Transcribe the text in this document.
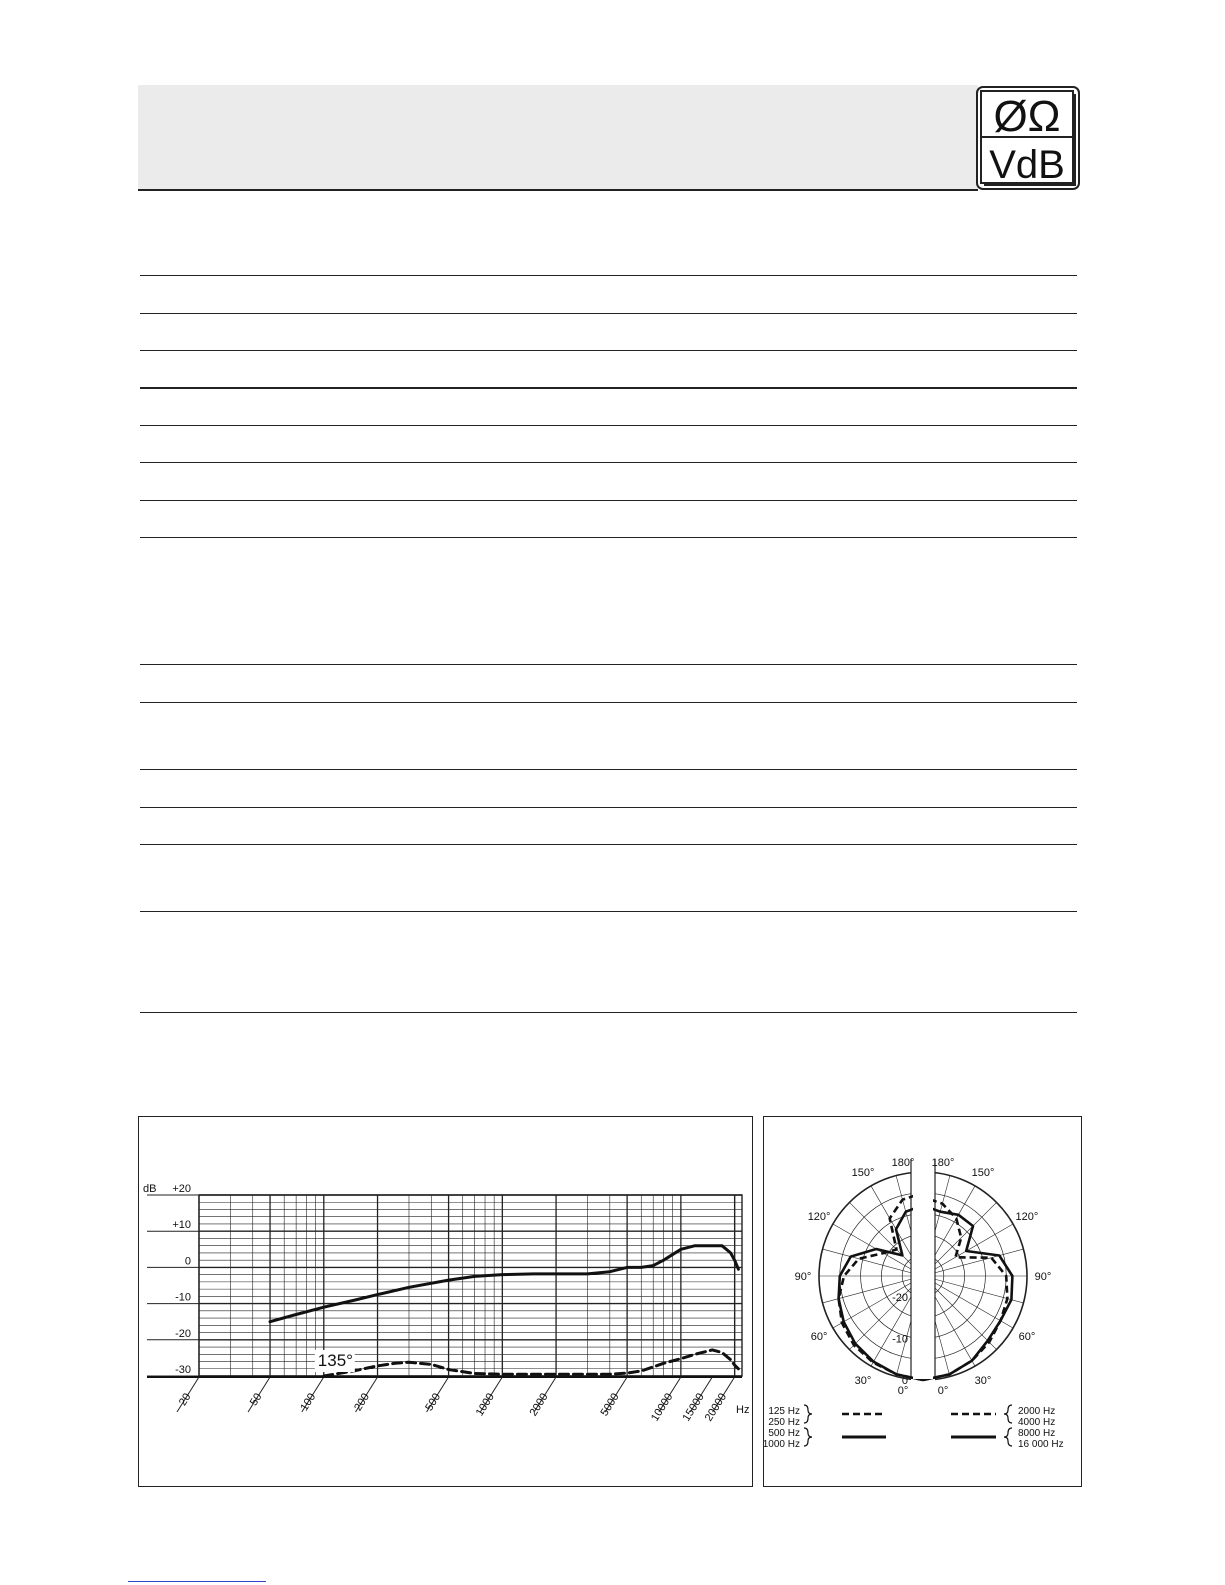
ØΩ
VdB
+20
+10
0
-10
-20
-30
20	50	100	200	500	1000	2000	5000 10000 15000
20000
dB
Hz
135°
-20
-10
0
180° 180°
150°	150°
120°	120°
90°	90°
60°	60°
30°	30°
0°	0°
125 Hz
250 Hz
500 Hz
1000 Hz
2000 Hz
4000 Hz
8000 Hz
16 000 Hz
